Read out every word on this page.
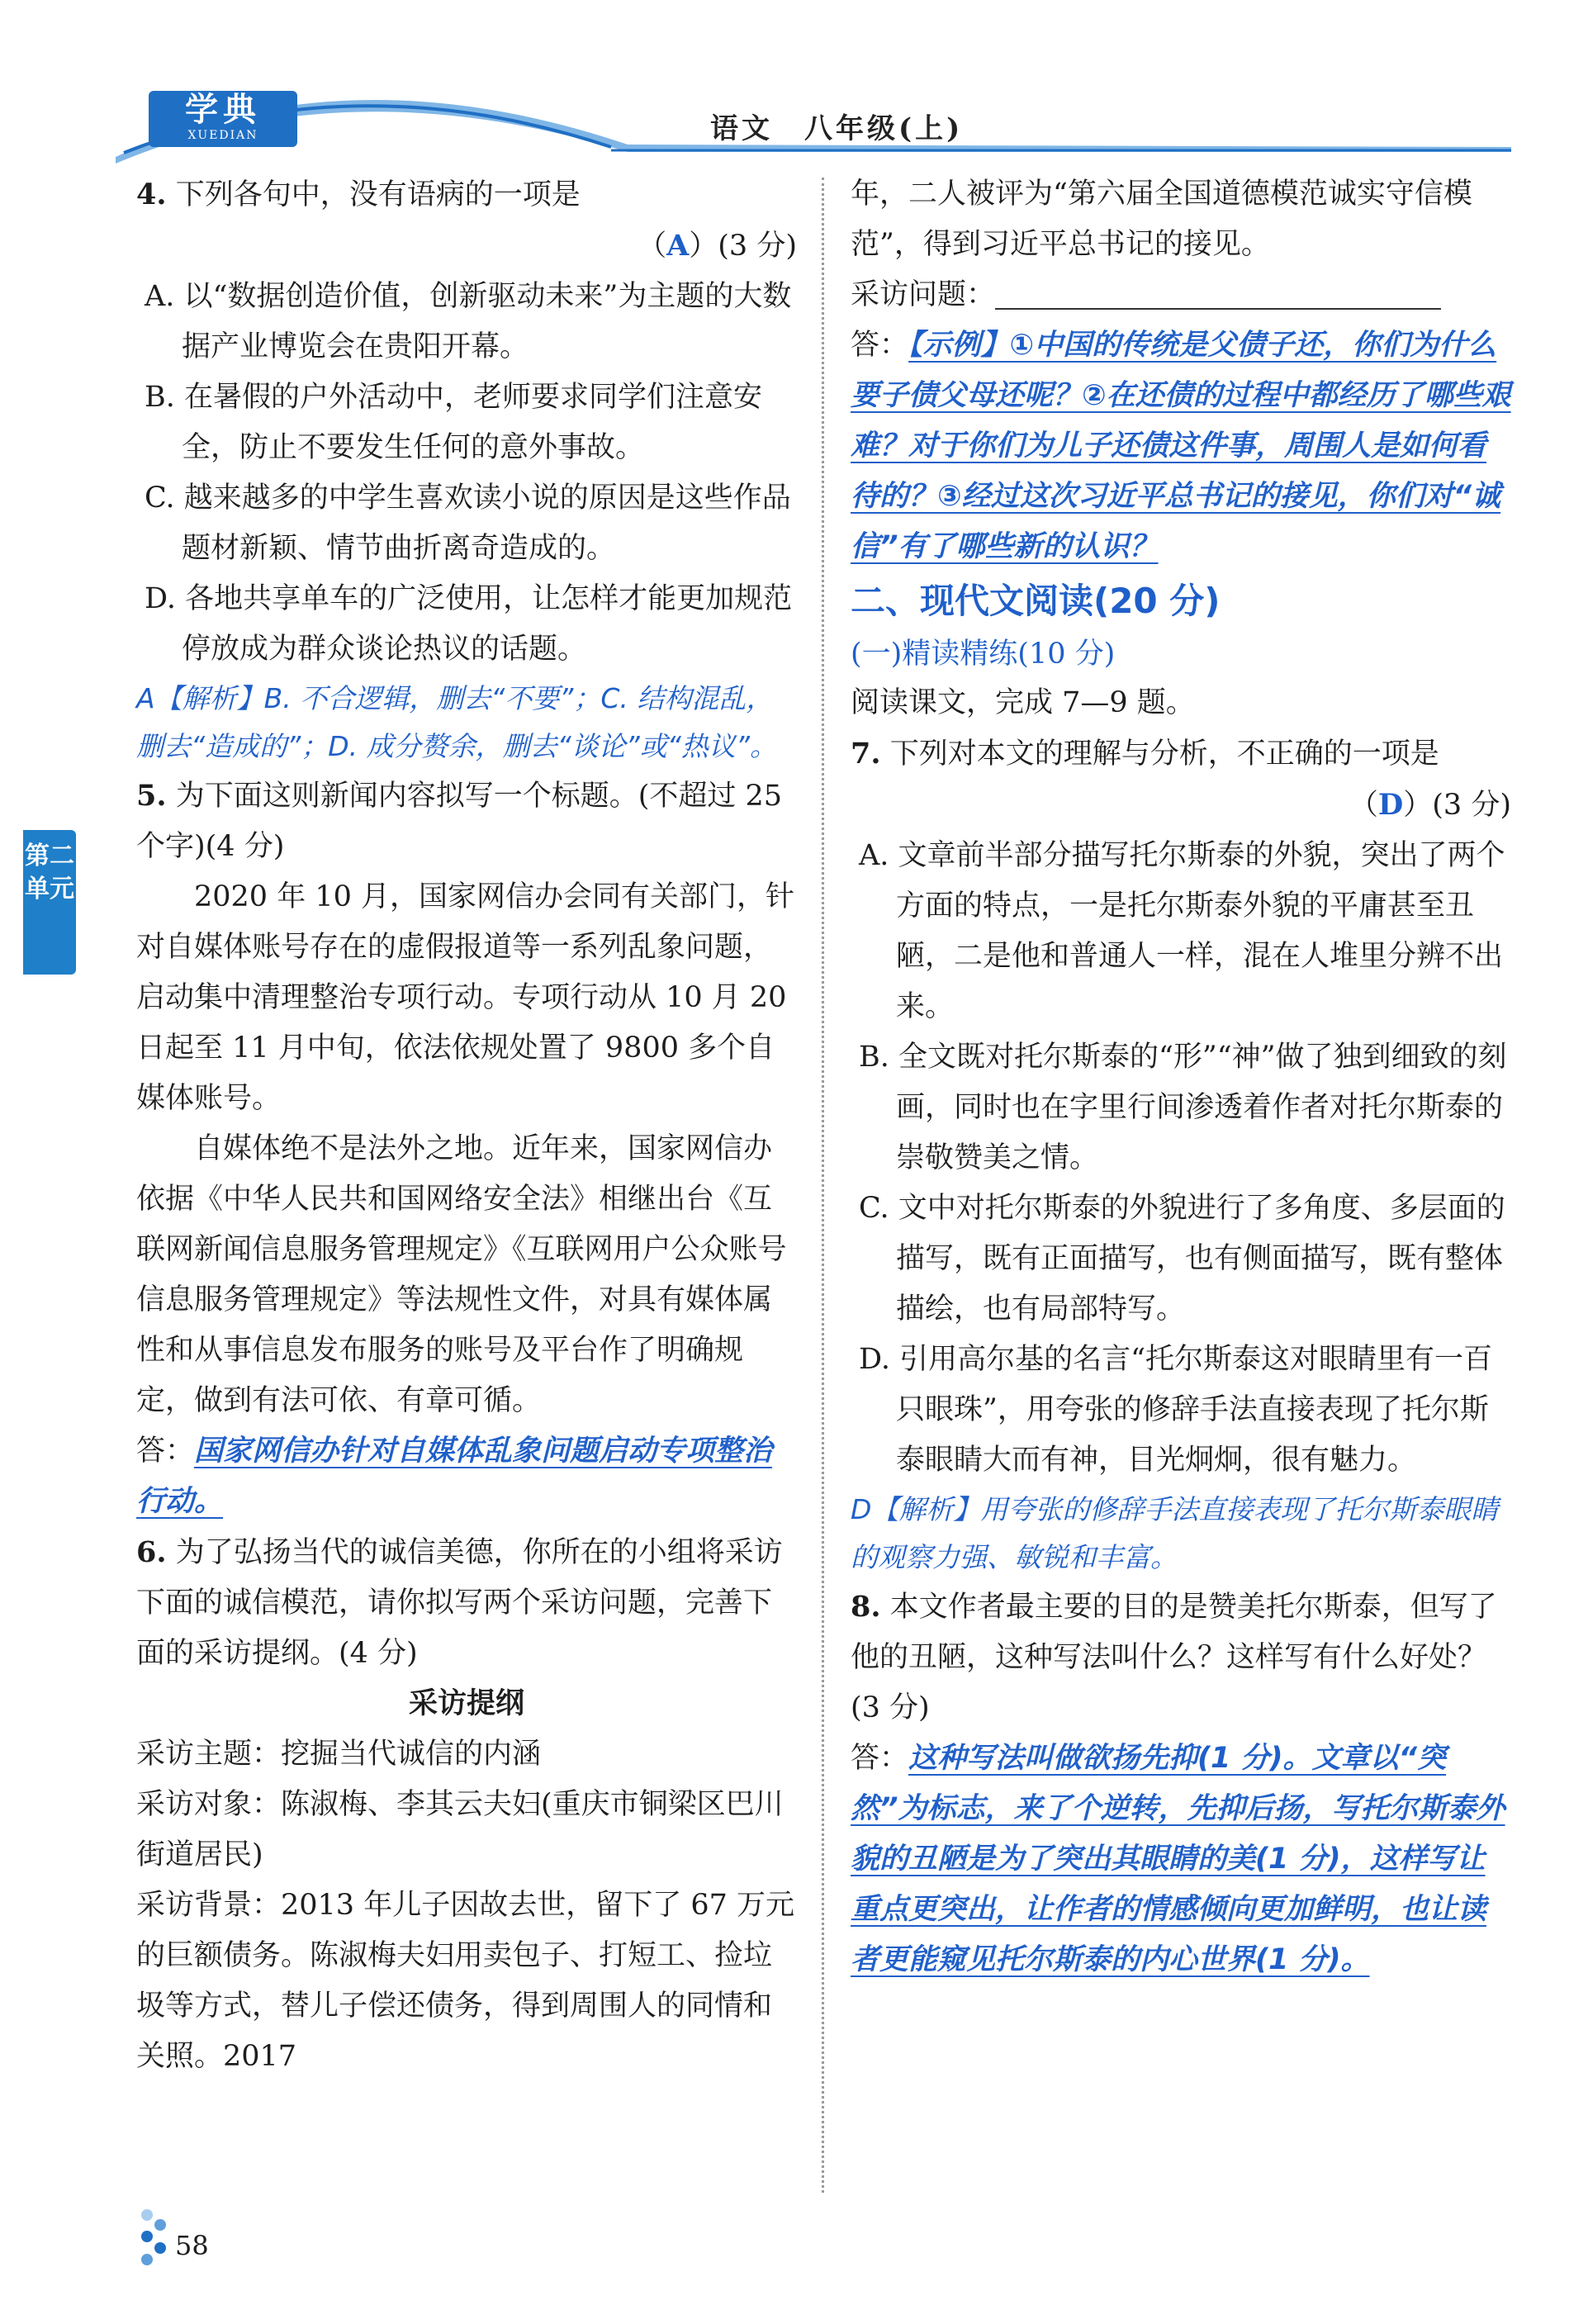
学典
XUEDIAN	语文　八年级(上)
第二单元

4. 下列各句中，没有语病的一项是

（A）(3 分)

A. 以“数据创造价值，创新驱动未来”为主题的大数据产业博览会在贵阳开幕。

B. 在暑假的户外活动中，老师要求同学们注意安全，防止不要发生任何的意外事故。

C. 越来越多的中学生喜欢读小说的原因是这些作品题材新颖、情节曲折离奇造成的。

D. 各地共享单车的广泛使用，让怎样才能更加规范停放成为群众谈论热议的话题。

A【解析】B. 不合逻辑，删去“不要”；C. 结构混乱，删去“造成的”；D. 成分赘余，删去“谈论”或“热议”。

5. 为下面这则新闻内容拟写一个标题。(不超过 25 个字)(4 分)

2020 年 10 月，国家网信办会同有关部门，针对自媒体账号存在的虚假报道等一系列乱象问题，启动集中清理整治专项行动。专项行动从 10 月 20 日起至 11 月中旬，依法依规处置了 9800 多个自媒体账号。

自媒体绝不是法外之地。近年来，国家网信办依据《中华人民共和国网络安全法》相继出台《互联网新闻信息服务管理规定》《互联网用户公众账号信息服务管理规定》等法规性文件，对具有媒体属性和从事信息发布服务的账号及平台作了明确规定，做到有法可依、有章可循。

答：国家网信办针对自媒体乱象问题启动专项整治行动。

6. 为了弘扬当代的诚信美德，你所在的小组将采访下面的诚信模范，请你拟写两个采访问题，完善下面的采访提纲。(4 分)

采访提纲

采访主题：挖掘当代诚信的内涵

采访对象：陈淑梅、李其云夫妇(重庆市铜梁区巴川街道居民)

采访背景：2013 年儿子因故去世，留下了 67 万元的巨额债务。陈淑梅夫妇用卖包子、打短工、捡垃圾等方式，替儿子偿还债务，得到周围人的同情和关照。2017

年，二人被评为“第六届全国道德模范诚实守信模范”，得到习近平总书记的接见。

采访问题：

答：【示例】①中国的传统是父债子还，你们为什么要子债父母还呢？②在还债的过程中都经历了哪些艰难？对于你们为儿子还债这件事，周围人是如何看待的？③经过这次习近平总书记的接见，你们对“诚信”有了哪些新的认识？

二、现代文阅读(20 分)

(一)精读精练(10 分)

阅读课文，完成 7—9 题。

7. 下列对本文的理解与分析，不正确的一项是

（D）(3 分)

A. 文章前半部分描写托尔斯泰的外貌，突出了两个方面的特点，一是托尔斯泰外貌的平庸甚至丑陋，二是他和普通人一样，混在人堆里分辨不出来。

B. 全文既对托尔斯泰的“形”“神”做了独到细致的刻画，同时也在字里行间渗透着作者对托尔斯泰的崇敬赞美之情。

C. 文中对托尔斯泰的外貌进行了多角度、多层面的描写，既有正面描写，也有侧面描写，既有整体描绘，也有局部特写。

D. 引用高尔基的名言“托尔斯泰这对眼睛里有一百只眼珠”，用夸张的修辞手法直接表现了托尔斯泰眼睛大而有神，目光炯炯，很有魅力。

D【解析】用夸张的修辞手法直接表现了托尔斯泰眼睛的观察力强、敏锐和丰富。

8. 本文作者最主要的目的是赞美托尔斯泰，但写了他的丑陋，这种写法叫什么？这样写有什么好处？(3 分)

答：这种写法叫做欲扬先抑(1 分)。文章以“突然”为标志，来了个逆转，先抑后扬，写托尔斯泰外貌的丑陋是为了突出其眼睛的美(1 分)，这样写让重点更突出，让作者的情感倾向更加鲜明，也让读者更能窥见托尔斯泰的内心世界(1 分)。

58
